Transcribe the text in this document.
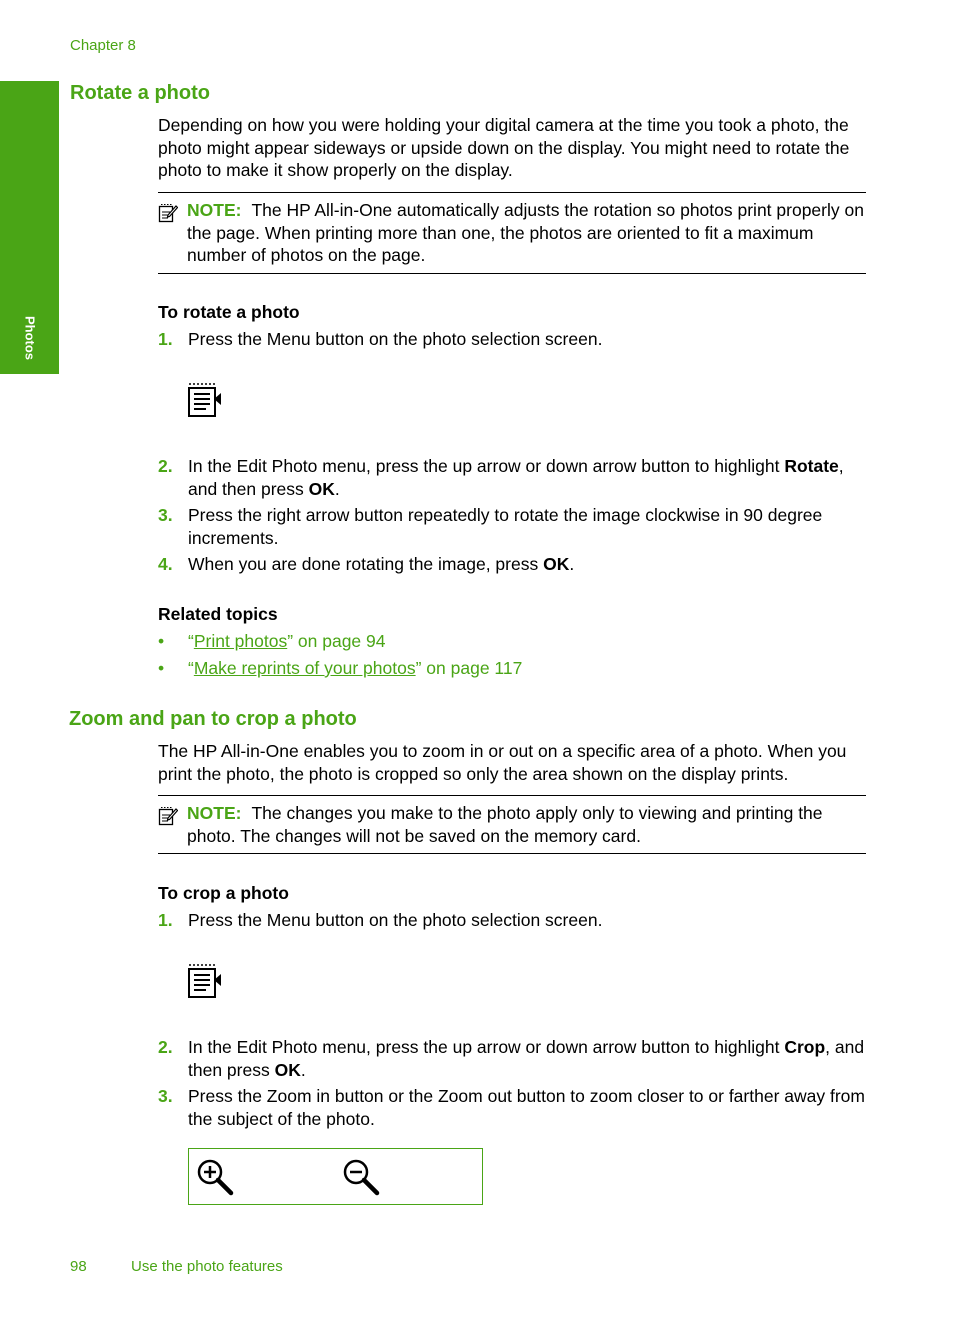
Chapter 8
Photos
Rotate a photo
Depending on how you were holding your digital camera at the time you took a photo, the photo might appear sideways or upside down on the display. You might need to rotate the photo to make it show properly on the display.
NOTE: The HP All-in-One automatically adjusts the rotation so photos print properly on the page. When printing more than one, the photos are oriented to fit a maximum number of photos on the page.
To rotate a photo
1. Press the Menu button on the photo selection screen.
2. In the Edit Photo menu, press the up arrow or down arrow button to highlight Rotate, and then press OK.
3. Press the right arrow button repeatedly to rotate the image clockwise in 90 degree increments.
4. When you are done rotating the image, press OK.
Related topics
• “Print photos” on page 94
• “Make reprints of your photos” on page 117
Zoom and pan to crop a photo
The HP All-in-One enables you to zoom in or out on a specific area of a photo. When you print the photo, the photo is cropped so only the area shown on the display prints.
NOTE: The changes you make to the photo apply only to viewing and printing the photo. The changes will not be saved on the memory card.
To crop a photo
1. Press the Menu button on the photo selection screen.
2. In the Edit Photo menu, press the up arrow or down arrow button to highlight Crop, and then press OK.
3. Press the Zoom in button or the Zoom out button to zoom closer to or farther away from the subject of the photo.
98	Use the photo features
